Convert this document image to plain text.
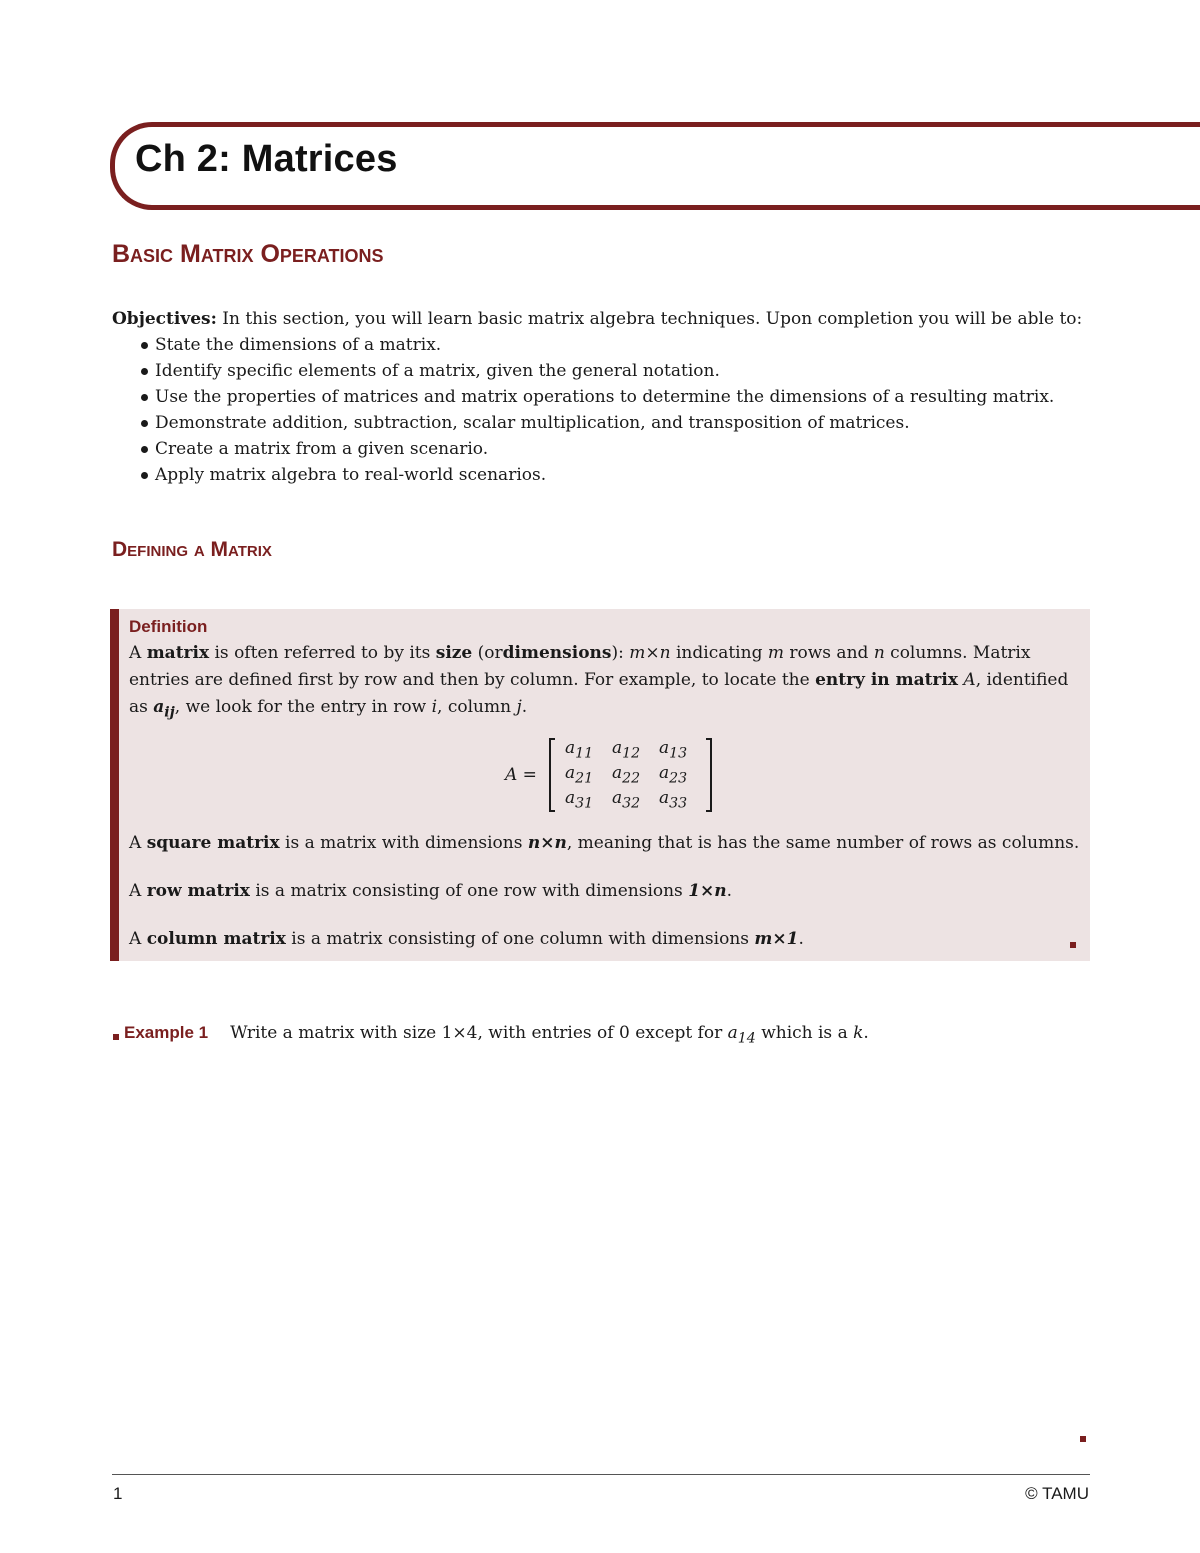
Ch 2: Matrices
Basic Matrix Operations
Objectives: In this section, you will learn basic matrix algebra techniques. Upon completion you will be able to:
State the dimensions of a matrix.
Identify specific elements of a matrix, given the general notation.
Use the properties of matrices and matrix operations to determine the dimensions of a resulting matrix.
Demonstrate addition, subtraction, scalar multiplication, and transposition of matrices.
Create a matrix from a given scenario.
Apply matrix algebra to real-world scenarios.
Defining a Matrix
Definition

A matrix is often referred to by its size (ordimensions): m×n indicating m rows and n columns. Matrix entries are defined first by row and then by column. For example, to locate the entry in matrix A, identified as $a_{ij}$, we look for the entry in row i, column j.

A =
$a_{11}$	$a_{12}$	$a_{13}$
$a_{21}$	$a_{22}$	$a_{23}$
$a_{31}$	$a_{32}$	$a_{33}$

A square matrix is a matrix with dimensions n×n, meaning that is has the same number of rows as columns.

A row matrix is a matrix consisting of one row with dimensions 1×n.

A column matrix is a matrix consisting of one column with dimensions m×1.

Example 1 Write a matrix with size 1×4, with entries of 0 except for $a_{14}$ which is a k.
1	© TAMU
